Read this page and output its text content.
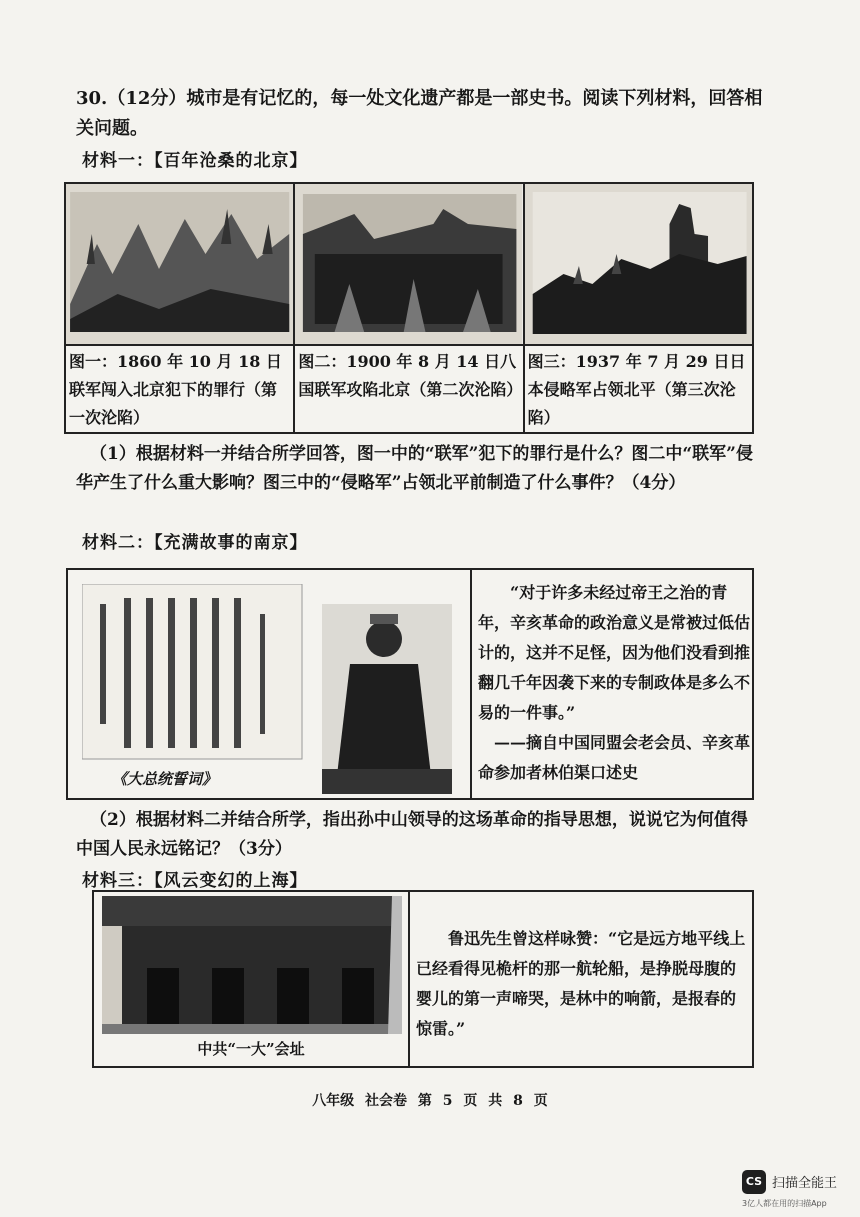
30.（12分）城市是有记忆的，每一处文化遗产都是一部史书。阅读下列材料，回答相关问题。
材料一：【百年沧桑的北京】

图一：1860 年 10 月 18 日联军闯入北京犯下的罪行（第一次沦陷）	图二：1900 年 8 月 14 日八国联军攻陷北京（第二次沦陷）	图三：1937 年 7 月 29 日日本侵略军占领北平（第三次沦陷）
（1）根据材料一并结合所学回答，图一中的“联军”犯下的罪行是什么？图二中“联军”侵华产生了什么重大影响？图三中的“侵略军”占领北平前制造了什么事件？（4分）
材料二：【充满故事的南京】
《大总统誓词》
“对于许多未经过帝王之治的青年，辛亥革命的政治意义是常被过低估计的，这并不足怪，因为他们没看到推翻几千年因袭下来的专制政体是多么不易的一件事。”
——摘自中国同盟会老会员、辛亥革命参加者林伯渠口述史
（2）根据材料二并结合所学，指出孙中山领导的这场革命的指导思想，说说它为何值得中国人民永远铭记？（3分）
材料三：【风云变幻的上海】
中共“一大”会址
鲁迅先生曾这样咏赞：“它是远方地平线上已经看得见桅杆的那一航轮船，是挣脱母腹的婴儿的第一声啼哭，是林中的响箭，是报春的惊雷。”
八年级 社会卷 第 5 页 共 8 页
CS 扫描全能王
3亿人都在用的扫描App
